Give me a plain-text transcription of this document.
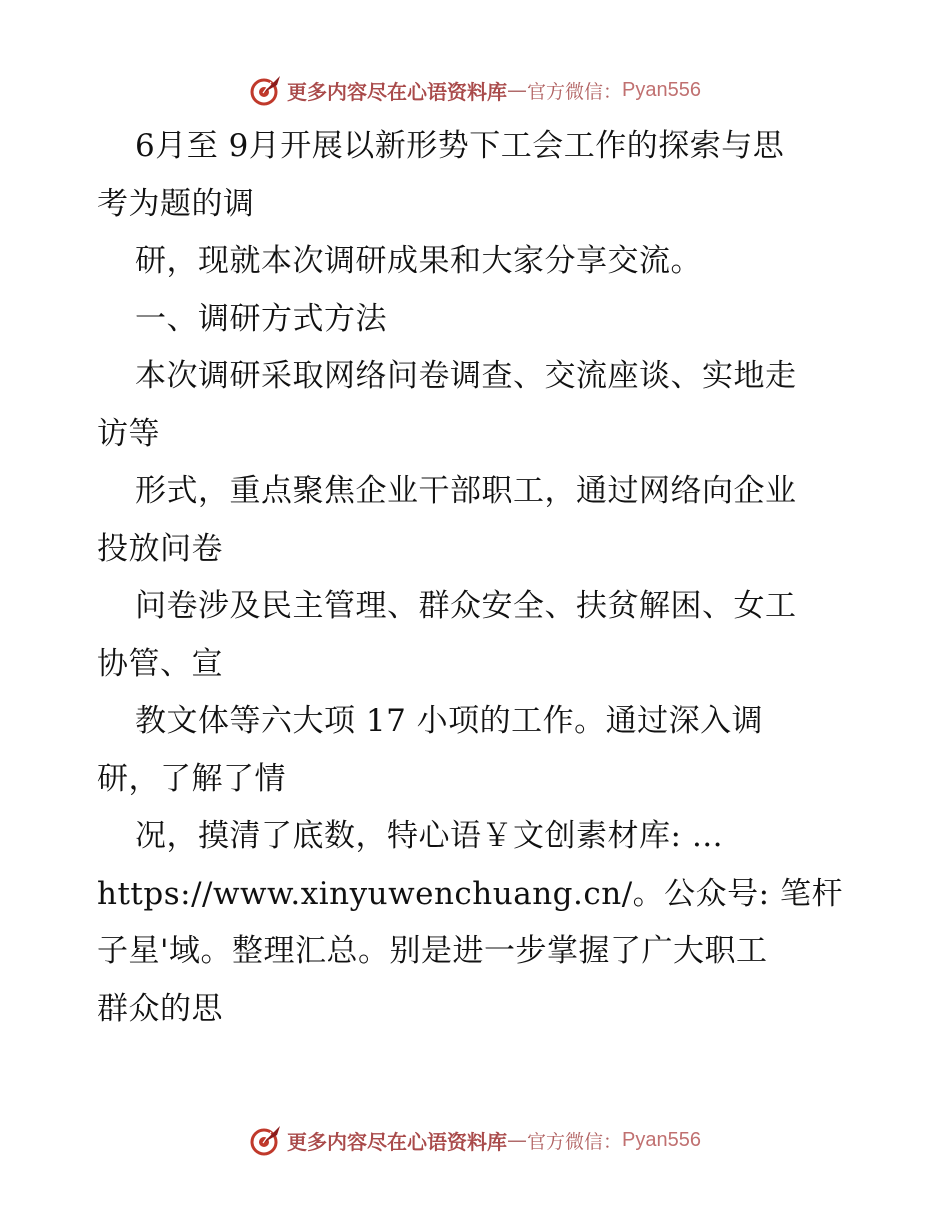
更多内容尽在心语资料库 — 官方微信： Pyan556
6月至 9月开展以新形势下工会工作的探索与思
考为题的调
研，现就本次调研成果和大家分享交流。
一、调研方式方法
本次调研采取网络问卷调查、交流座谈、实地走
访等
形式，重点聚焦企业干部职工，通过网络向企业
投放问卷
问卷涉及民主管理、群众安全、扶贫解困、女工
协管、宣
教文体等六大项 17 小项的工作。通过深入调
研，了解了情
况，摸清了底数，特心语￥文创素材库: …
https://www.xinyuwenchuang.cn/。公众号: 笔杆
子星'域。整理汇总。别是进一步掌握了广大职工
群众的思
更多内容尽在心语资料库 — 官方微信： Pyan556
